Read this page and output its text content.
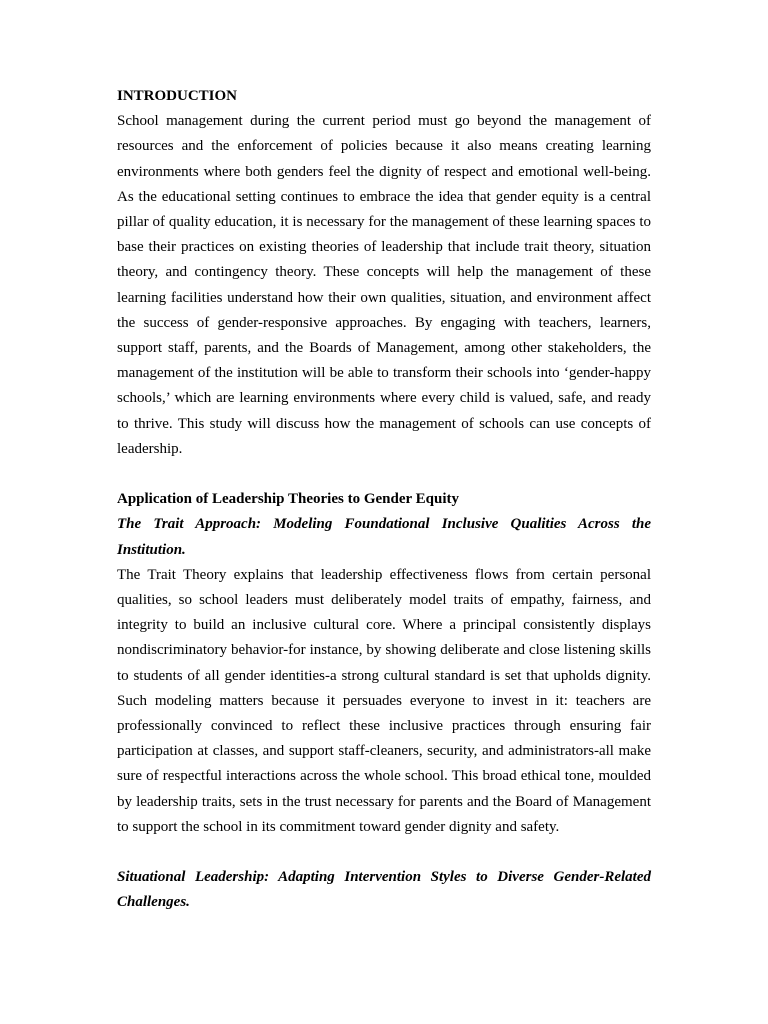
INTRODUCTION

School management during the current period must go beyond the management of resources and the enforcement of policies because it also means creating learning environments where both genders feel the dignity of respect and emotional well-being. As the educational setting continues to embrace the idea that gender equity is a central pillar of quality education, it is necessary for the management of these learning spaces to base their practices on existing theories of leadership that include trait theory, situation theory, and contingency theory. These concepts will help the management of these learning facilities understand how their own qualities, situation, and environment affect the success of gender-responsive approaches. By engaging with teachers, learners, support staff, parents, and the Boards of Management, among other stakeholders, the management of the institution will be able to transform their schools into ‘gender-happy schools,’ which are learning environments where every child is valued, safe, and ready to thrive. This study will discuss how the management of schools can use concepts of leadership.

Application of Leadership Theories to Gender Equity

The Trait Approach: Modeling Foundational Inclusive Qualities Across the Institution.

The Trait Theory explains that leadership effectiveness flows from certain personal qualities, so school leaders must deliberately model traits of empathy, fairness, and integrity to build an inclusive cultural core. Where a principal consistently displays nondiscriminatory behavior-for instance, by showing deliberate and close listening skills to students of all gender identities-a strong cultural standard is set that upholds dignity. Such modeling matters because it persuades everyone to invest in it: teachers are professionally convinced to reflect these inclusive practices through ensuring fair participation at classes, and support staff-cleaners, security, and administrators-all make sure of respectful interactions across the whole school. This broad ethical tone, moulded by leadership traits, sets in the trust necessary for parents and the Board of Management to support the school in its commitment toward gender dignity and safety.

Situational Leadership: Adapting Intervention Styles to Diverse Gender-Related Challenges.
